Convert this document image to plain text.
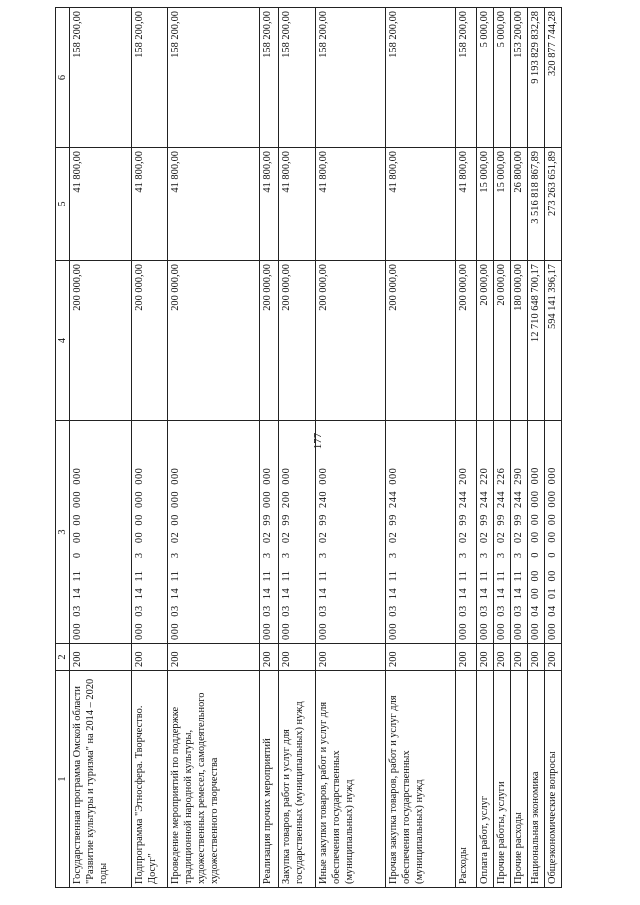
177
1	2	3	4	5	6
Государственная программа Омской области "Развитие культуры и туризма" на 2014 – 2020 годы	200	000  03  14  11    0   00  00  000  000	200 000,00	41 800,00	158 200,00
Подпрограмма "Этносфера. Творчество. Досуг"	200	000  03  14  11    3   00  00  000  000	200 000,00	41 800,00	158 200,00
Проведение мероприятий по поддержке традиционной народной культуры, художественных ремесел, самодеятельного художественного творчества	200	000  03  14  11    3   02  00  000  000	200 000,00	41 800,00	158 200,00
Реализация прочих мероприятий	200	000  03  14  11    3   02  99  000  000	200 000,00	41 800,00	158 200,00
Закупка товаров, работ и услуг для государственных (муниципальных) нужд	200	000  03  14  11    3   02  99  200  000	200 000,00	41 800,00	158 200,00
Иные закупки товаров, работ и услуг для обеспечения государственных (муниципальных) нужд	200	000  03  14  11    3   02  99  240  000	200 000,00	41 800,00	158 200,00
Прочая закупка товаров, работ и услуг для обеспечения государственных (муниципальных) нужд	200	000  03  14  11    3   02  99  244  000	200 000,00	41 800,00	158 200,00
Расходы	200	000  03  14  11    3   02  99  244  200	200 000,00	41 800,00	158 200,00
Оплата работ, услуг	200	000  03  14  11    3   02  99  244  220	20 000,00	15 000,00	5 000,00
Прочие работы, услуги	200	000  03  14  11    3   02  99  244  226	20 000,00	15 000,00	5 000,00
Прочие расходы	200	000  03  14  11    3   02  99  244  290	180 000,00	26 800,00	153 200,00
Национальная экономика	200	000  04  00  00    0   00  00  000  000	12 710 648 700,17	3 516 818 867,89	9 193 829 832,28
Общеэкономические вопросы	200	000  04  01  00    0   00  00  000  000	594 141 396,17	273 263 651,89	320 877 744,28
